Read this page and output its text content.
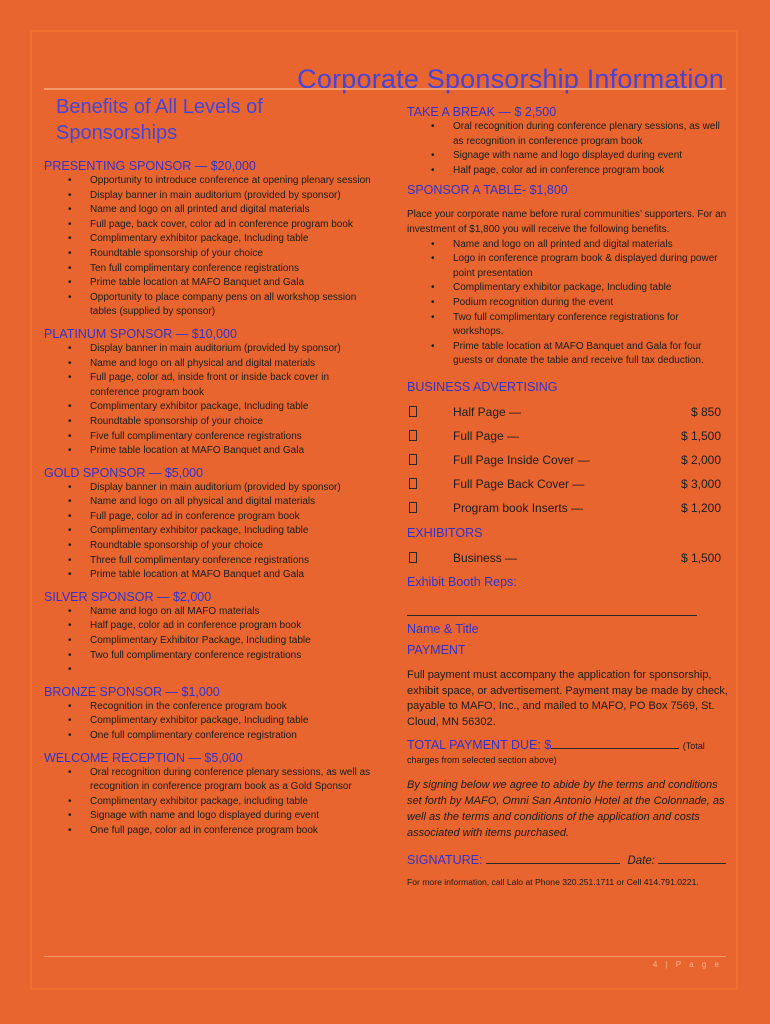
Corporate Sponsorship Information
Benefits of All Levels of Sponsorships
PRESENTING SPONSOR — $20,000
• Opportunity to introduce conference at opening plenary session
• Display banner in main auditorium (provided by sponsor)
• Name and logo on all printed and digital materials
• Full page, back cover, color ad in conference program book
• Complimentary exhibitor package, Including table
• Roundtable sponsorship of your choice
• Ten full complimentary conference registrations
• Prime table location at MAFO Banquet and Gala
• Opportunity to place company pens on all workshop session tables (supplied by sponsor)
PLATINUM SPONSOR — $10,000
• Display banner in main auditorium (provided by sponsor)
• Name and logo on all physical and digital materials
• Full page, color ad, inside front or inside back cover in conference program book
• Complimentary exhibitor package, Including table
• Roundtable sponsorship of your choice
• Five full complimentary conference registrations
• Prime table location at MAFO Banquet and Gala
GOLD SPONSOR — $5,000
• Display banner in main auditorium (provided by sponsor)
• Name and logo on all physical and digital materials
• Full page, color ad in conference program book
• Complimentary exhibitor package, Including table
• Roundtable sponsorship of your choice
• Three full complimentary conference registrations
• Prime table location at MAFO Banquet and Gala
SILVER SPONSOR — $2,000
• Name and logo on all MAFO materials
• Half page, color ad in conference program book
• Complimentary Exhibitor Package, Including table
• Two full complimentary conference registrations
•
BRONZE SPONSOR — $1,000
• Recognition in the conference program book
• Complimentary exhibitor package, Including table
• One full complimentary conference registration
WELCOME RECEPTION — $5,000
• Oral recognition during conference plenary sessions, as well as recognition in conference program book as a Gold Sponsor
• Complimentary exhibitor package, including table
• Signage with name and logo displayed during event
• One full page, color ad in conference program book
TAKE A BREAK — $ 2,500
• Oral recognition during conference plenary sessions, as well as recognition in conference program book
• Signage with name and logo displayed during event
• Half page, color ad in conference program book
SPONSOR A TABLE- $1,800

Place your corporate name before rural communities’ supporters. For an investment of $1,800 you will receive the following benefits.

• Name and logo on all printed and digital materials
• Logo in conference program book & displayed during power point presentation
• Complimentary exhibitor package, Including table
• Podium recognition during the event
• Two full complimentary conference registrations for workshops.
• Prime table location at MAFO Banquet and Gala for four guests or donate the table and receive full tax deduction.
BUSINESS ADVERTISING
Half Page —	$ 850
Full Page —	$ 1,500
Full Page Inside Cover —	$ 2,000
Full Page Back Cover —	$ 3,000
Program book Inserts —	$ 1,200
EXHIBITORS
Business —	$ 1,500
Exhibit Booth Reps:
Name & Title
PAYMENT

Full payment must accompany the application for sponsorship, exhibit space, or advertisement. Payment may be made by check, payable to MAFO, Inc., and mailed to MAFO, PO Box 7569, St. Cloud, MN 56302.

TOTAL PAYMENT DUE: $	(Total
charges from selected section above)

By signing below we agree to abide by the terms and conditions set forth by MAFO, Omni San Antonio Hotel at the Colonnade, as well as the terms and conditions of the application and costs associated with items purchased.

SIGNATURE:	Date:
For more information, call Lalo at Phone 320.251.1711 or Cell 414.791.0221.
4 | P a g e
